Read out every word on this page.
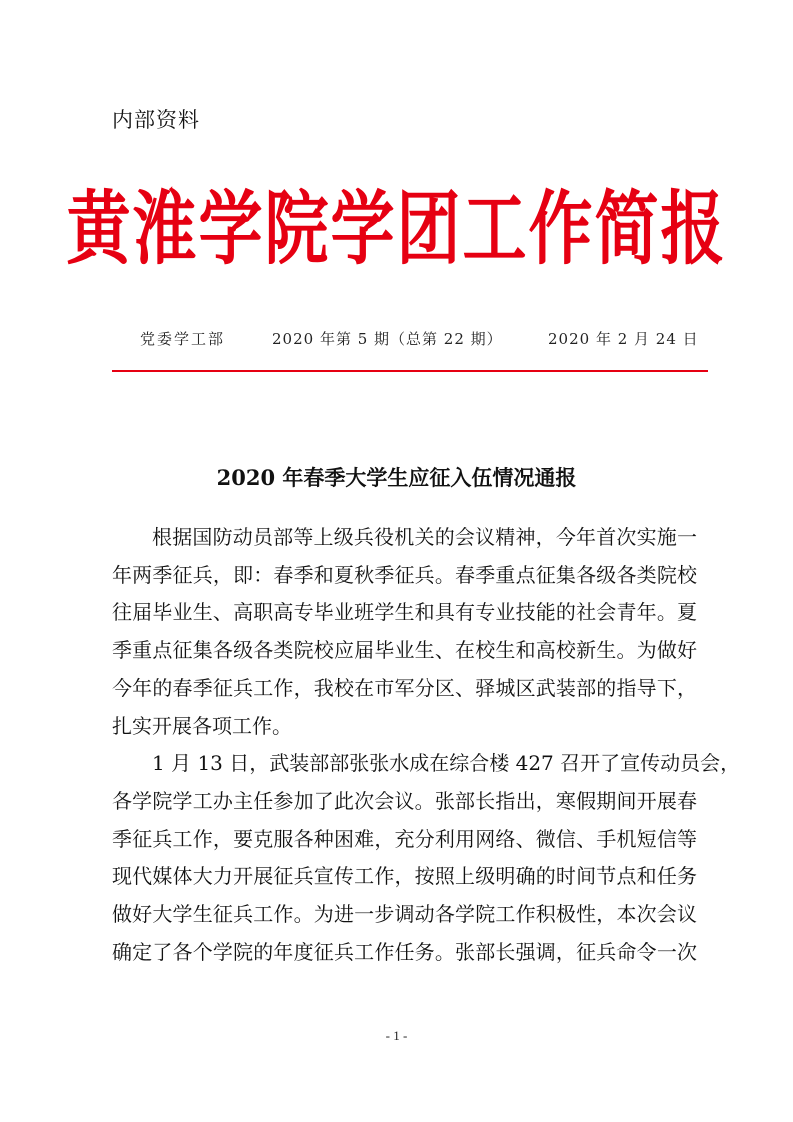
内部资料
黄淮学院学团工作简报
党委学工部	2020 年第 5 期（总第 22 期）	2020 年 2 月 24 日
2020 年春季大学生应征入伍情况通报
根据国防动员部等上级兵役机关的会议精神，今年首次实施一
年两季征兵，即：春季和夏秋季征兵。春季重点征集各级各类院校
往届毕业生、高职高专毕业班学生和具有专业技能的社会青年。夏
季重点征集各级各类院校应届毕业生、在校生和高校新生。为做好
今年的春季征兵工作，我校在市军分区、驿城区武装部的指导下，
扎实开展各项工作。
1 月 13 日，武装部部张张水成在综合楼 427 召开了宣传动员会，
各学院学工办主任参加了此次会议。张部长指出，寒假期间开展春
季征兵工作，要克服各种困难，充分利用网络、微信、手机短信等
现代媒体大力开展征兵宣传工作，按照上级明确的时间节点和任务
做好大学生征兵工作。为进一步调动各学院工作积极性，本次会议
确定了各个学院的年度征兵工作任务。张部长强调，征兵命令一次
- 1 -
